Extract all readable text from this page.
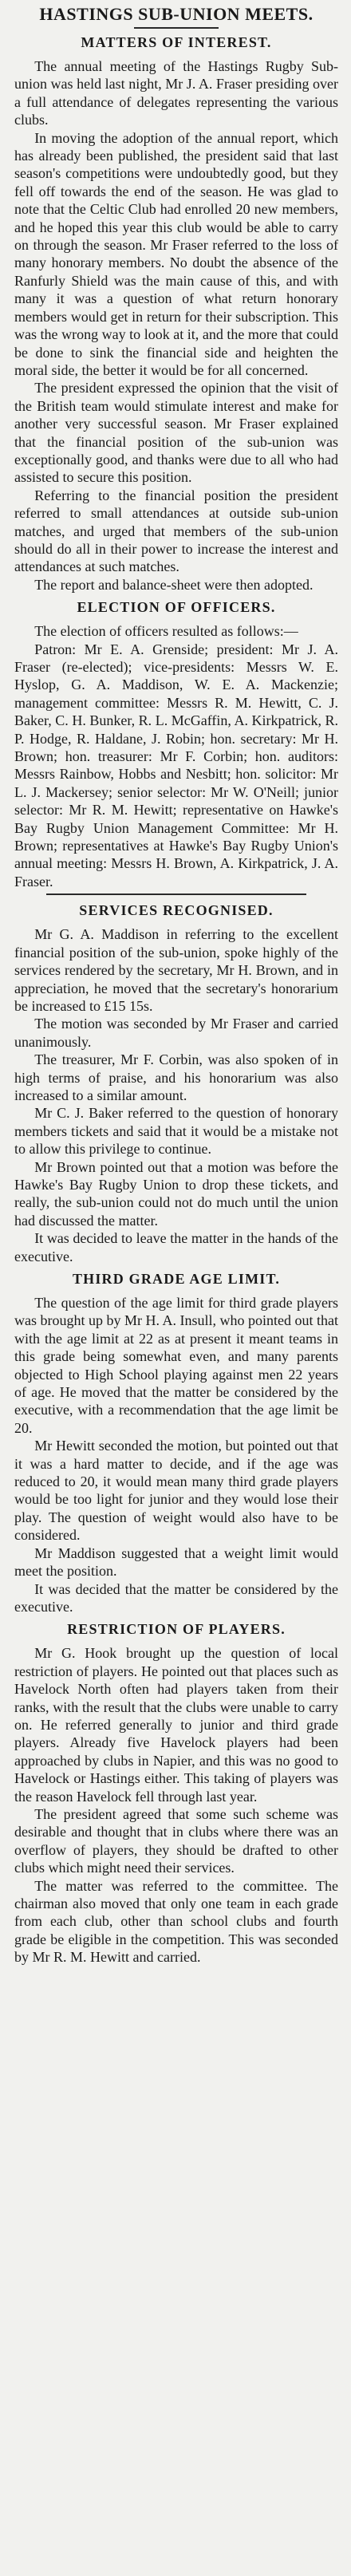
HASTINGS SUB-UNION MEETS.
MATTERS OF INTEREST.

The annual meeting of the Hastings Rugby Sub-union was held last night, Mr J. A. Fraser presiding over a full attendance of delegates representing the various clubs.

In moving the adoption of the annual report, which has already been published, the president said that last season's competitions were undoubtedly good, but they fell off towards the end of the season. He was glad to note that the Celtic Club had enrolled 20 new members, and he hoped this year this club would be able to carry on through the season. Mr Fraser referred to the loss of many honorary members. No doubt the absence of the Ranfurly Shield was the main cause of this, and with many it was a question of what return honorary members would get in return for their subscription. This was the wrong way to look at it, and the more that could be done to sink the financial side and heighten the moral side, the better it would be for all concerned.

The president expressed the opinion that the visit of the British team would stimulate interest and make for another very successful season. Mr Fraser explained that the financial position of the sub-union was exceptionally good, and thanks were due to all who had assisted to secure this position.

Referring to the financial position the president referred to small attendances at outside sub-union matches, and urged that members of the sub-union should do all in their power to increase the interest and attendances at such matches.

The report and balance-sheet were then adopted.

ELECTION OF OFFICERS.

The election of officers resulted as follows:—

Patron: Mr E. A. Grenside; president: Mr J. A. Fraser (re-elected); vice-presidents: Messrs W. E. Hyslop, G. A. Maddison, W. E. A. Mackenzie; management committee: Messrs R. M. Hewitt, C. J. Baker, C. H. Bunker, R. L. McGaffin, A. Kirkpatrick, R. P. Hodge, R. Haldane, J. Robin; hon. secretary: Mr H. Brown; hon. treasurer: Mr F. Corbin; hon. auditors: Messrs Rainbow, Hobbs and Nesbitt; hon. solicitor: Mr L. J. Mackersey; senior selector: Mr W. O'Neill; junior selector: Mr R. M. Hewitt; representative on Hawke's Bay Rugby Union Management Committee: Mr H. Brown; representatives at Hawke's Bay Rugby Union's annual meeting: Messrs H. Brown, A. Kirkpatrick, J. A. Fraser.

SERVICES RECOGNISED.

Mr G. A. Maddison in referring to the excellent financial position of the sub-union, spoke highly of the services rendered by the secretary, Mr H. Brown, and in appreciation, he moved that the secretary's honorarium be increased to £15 15s.

The motion was seconded by Mr Fraser and carried unanimously.

The treasurer, Mr F. Corbin, was also spoken of in high terms of praise, and his honorarium was also increased to a similar amount.

Mr C. J. Baker referred to the question of honorary members tickets and said that it would be a mistake not to allow this privilege to continue.

Mr Brown pointed out that a motion was before the Hawke's Bay Rugby Union to drop these tickets, and really, the sub-union could not do much until the union had discussed the matter.

It was decided to leave the matter in the hands of the executive.

THIRD GRADE AGE LIMIT.

The question of the age limit for third grade players was brought up by Mr H. A. Insull, who pointed out that with the age limit at 22 as at present it meant teams in this grade being somewhat even, and many parents objected to High School playing against men 22 years of age. He moved that the matter be considered by the executive, with a recommendation that the age limit be 20.

Mr Hewitt seconded the motion, but pointed out that it was a hard matter to decide, and if the age was reduced to 20, it would mean many third grade players would be too light for junior and they would lose their play. The question of weight would also have to be considered.

Mr Maddison suggested that a weight limit would meet the position.

It was decided that the matter be considered by the executive.

RESTRICTION OF PLAYERS.

Mr G. Hook brought up the question of local restriction of players. He pointed out that places such as Havelock North often had players taken from their ranks, with the result that the clubs were unable to carry on. He referred generally to junior and third grade players. Already five Havelock players had been approached by clubs in Napier, and this was no good to Havelock or Hastings either. This taking of players was the reason Havelock fell through last year.

The president agreed that some such scheme was desirable and thought that in clubs where there was an overflow of players, they should be drafted to other clubs which might need their services.

The matter was referred to the committee. The chairman also moved that only one team in each grade from each club, other than school clubs and fourth grade be eligible in the competition. This was seconded by Mr R. M. Hewitt and carried.
